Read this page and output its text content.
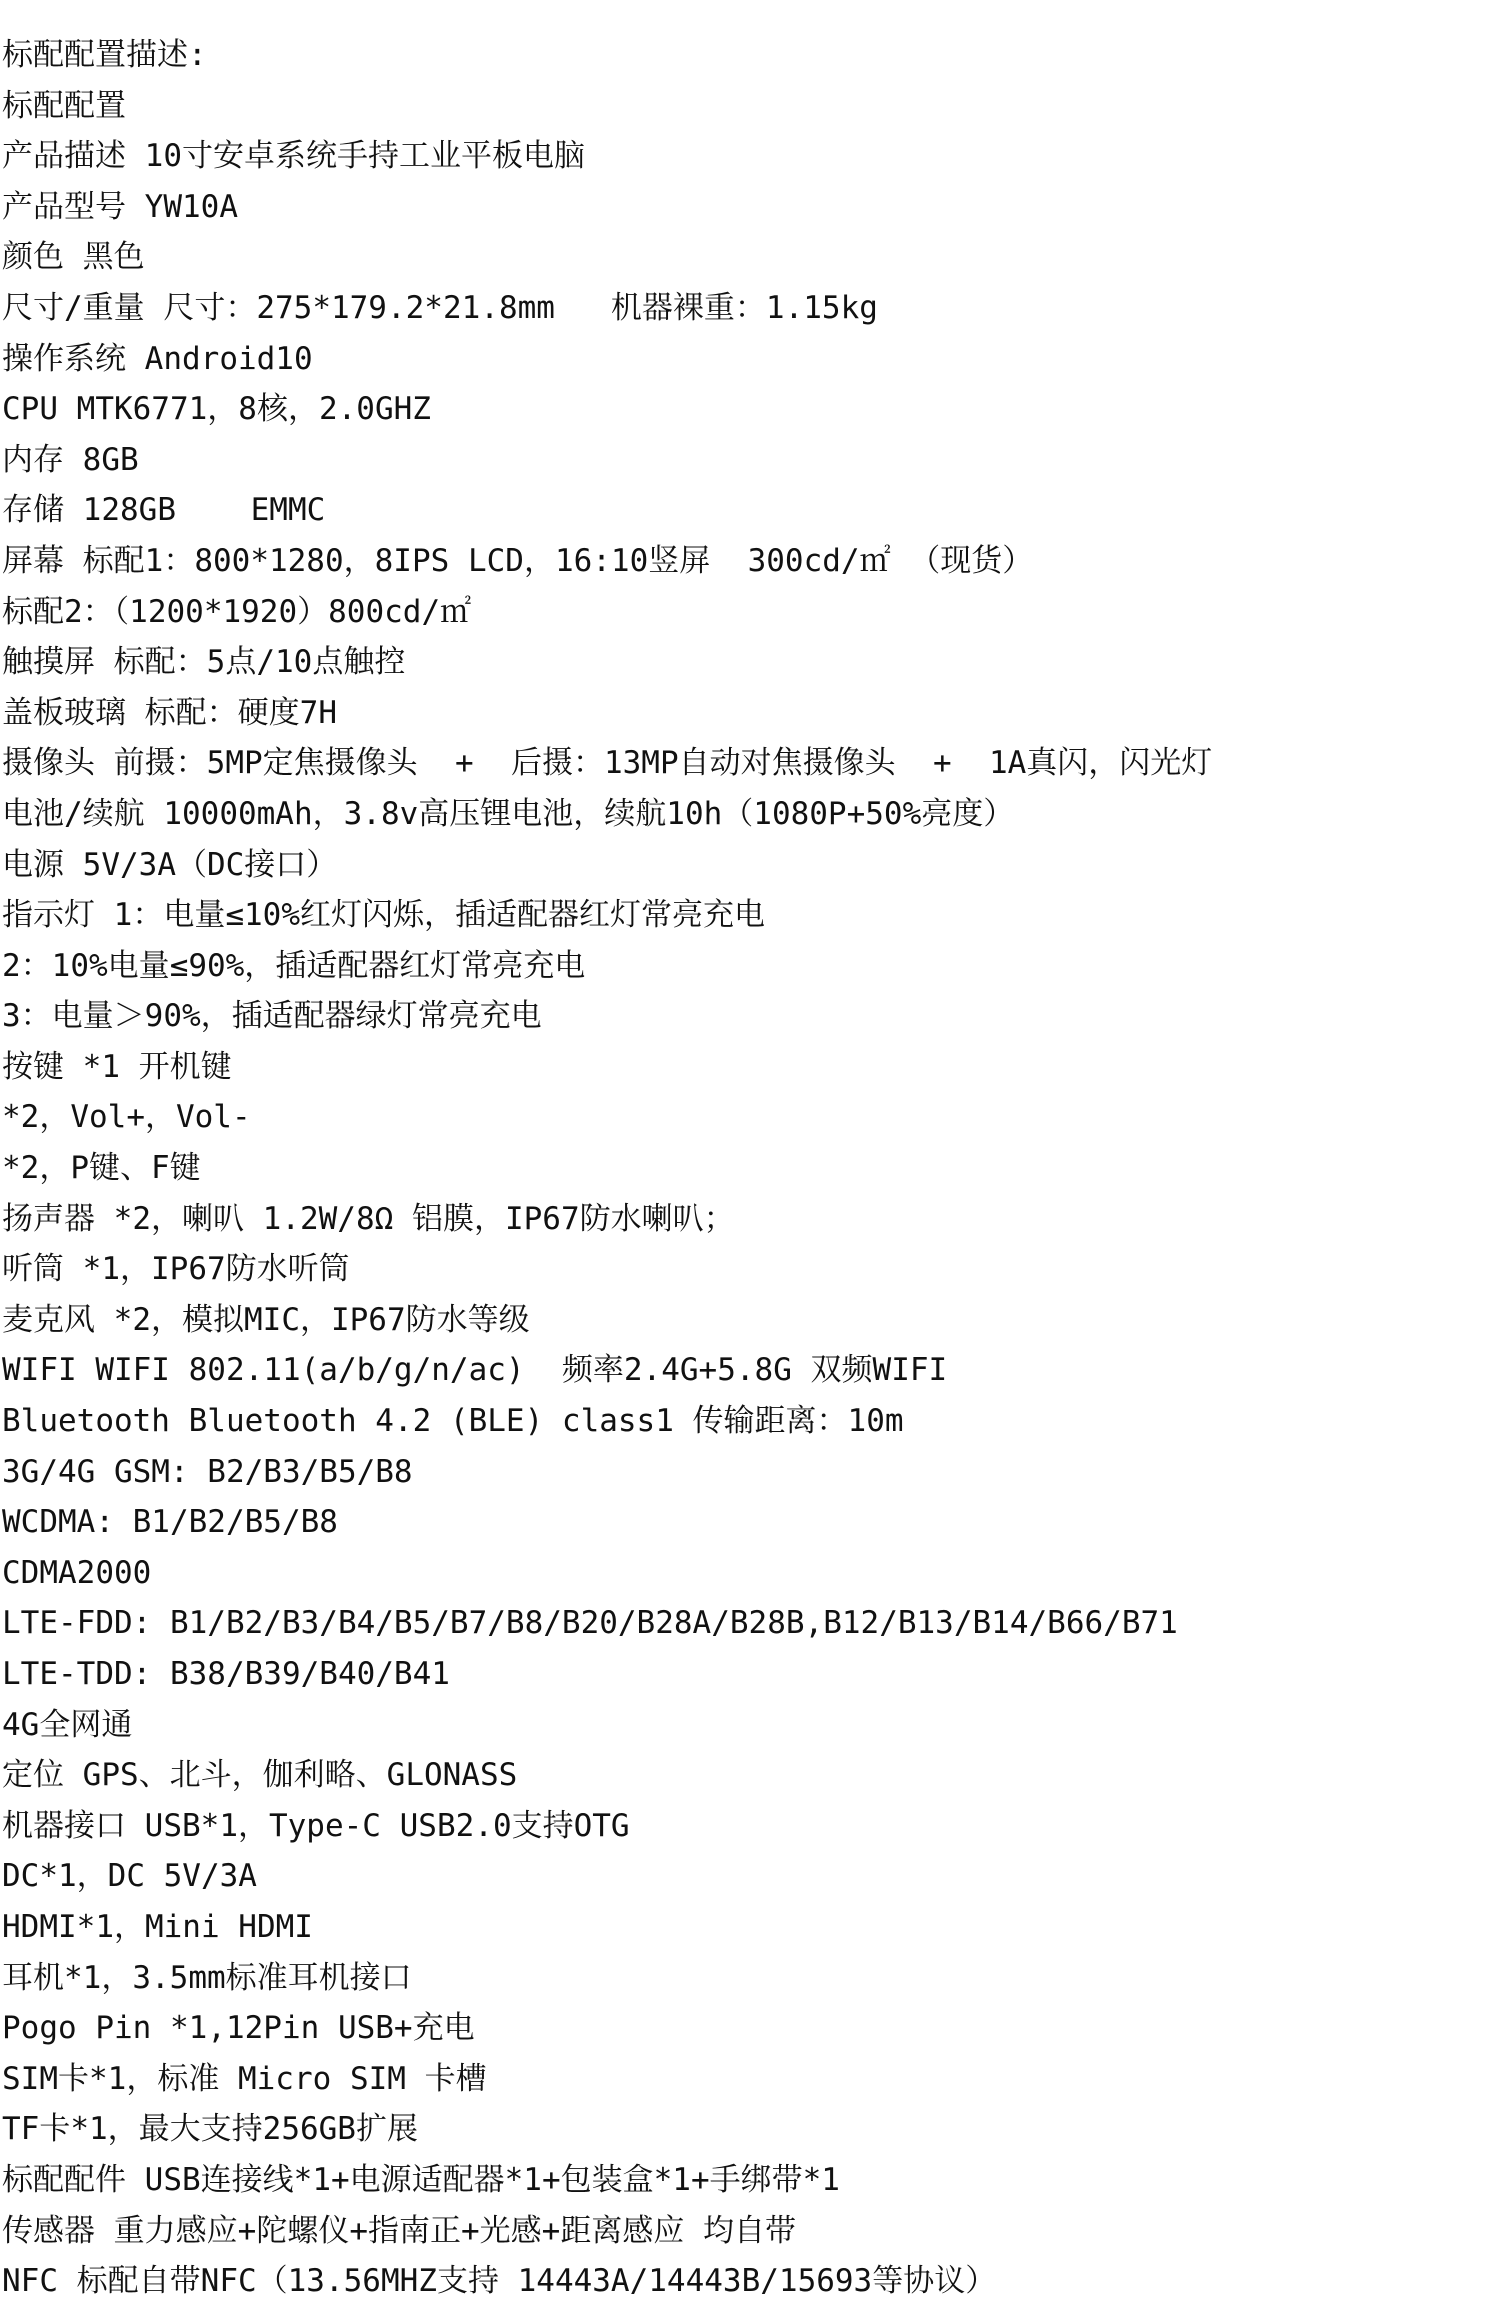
标配配置描述:
标配配置
产品描述 10寸安卓系统手持工业平板电脑
产品型号 YW10A
颜色 黑色
尺寸/重量 尺寸：275*179.2*21.8mm   机器裸重：1.15kg
操作系统 Android10
CPU MTK6771，8核，2.0GHZ
内存 8GB
存储 128GB    EMMC
屏幕 标配1：800*1280，8IPS LCD，16:10竖屏  300cd/㎡ （现货）
标配2：（1200*1920）800cd/㎡
触摸屏 标配：5点/10点触控
盖板玻璃 标配：硬度7H
摄像头 前摄：5MP定焦摄像头  +  后摄：13MP自动对焦摄像头  +  1A真闪，闪光灯
电池/续航 10000mAh，3.8v高压锂电池，续航10h（1080P+50%亮度）
电源 5V/3A（DC接口）
指示灯 1：电量≤10%红灯闪烁，插适配器红灯常亮充电
2：10%电量≤90%，插适配器红灯常亮充电
3：电量＞90%，插适配器绿灯常亮充电
按键 *1 开机键
*2，Vol+，Vol-
*2，P键、F键
扬声器 *2，喇叭 1.2W/8Ω 铝膜，IP67防水喇叭；
听筒 *1，IP67防水听筒
麦克风 *2，模拟MIC，IP67防水等级
WIFI WIFI 802.11(a/b/g/n/ac)  频率2.4G+5.8G 双频WIFI
Bluetooth Bluetooth 4.2 (BLE) class1 传输距离：10m
3G/4G GSM: B2/B3/B5/B8
WCDMA: B1/B2/B5/B8
CDMA2000
LTE-FDD: B1/B2/B3/B4/B5/B7/B8/B20/B28A/B28B,B12/B13/B14/B66/B71
LTE-TDD: B38/B39/B40/B41
4G全网通
定位 GPS、北斗，伽利略、GLONASS
机器接口 USB*1，Type-C USB2.0支持OTG
DC*1，DC 5V/3A
HDMI*1，Mini HDMI
耳机*1，3.5mm标准耳机接口
Pogo Pin *1,12Pin USB+充电
SIM卡*1，标准 Micro SIM 卡槽
TF卡*1，最大支持256GB扩展
标配配件 USB连接线*1+电源适配器*1+包装盒*1+手绑带*1
传感器 重力感应+陀螺仪+指南正+光感+距离感应 均自带
NFC 标配自带NFC（13.56MHZ支持 14443A/14443B/15693等协议）
